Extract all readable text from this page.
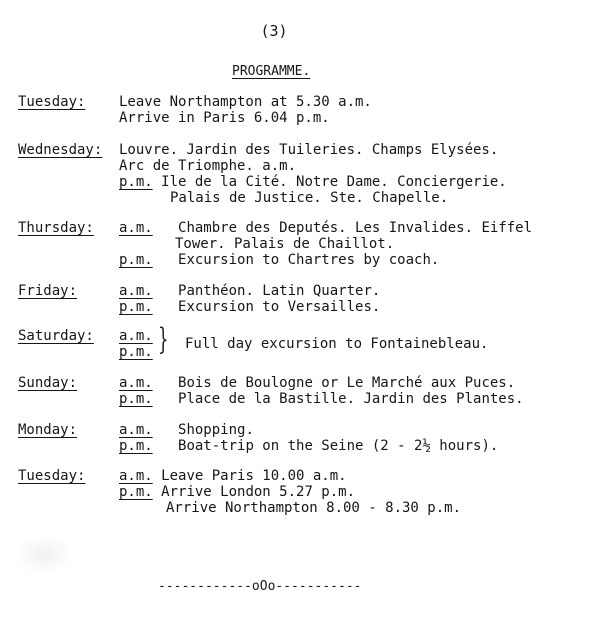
(3)
PROGRAMME.
Tuesday: Leave Northampton at 5.30 a.m.
Arrive in Paris 6.04 p.m.
Wednesday: Louvre. Jardin des Tuileries. Champs Elysées.
Arc de Triomphe. a.m.
p.m. Ile de la Cité. Notre Dame. Conciergerie.
Palais de Justice. Ste. Chapelle.
Thursday: a.m. Chambre des Deputés. Les Invalides. Eiffel
Tower. Palais de Chaillot.
p.m. Excursion to Chartres by coach.
Friday:	a.m. Panthéon. Latin Quarter.
p.m. Excursion to Versailles.
Saturday: a.m.
p.m. } Full day excursion to Fontainebleau.
Sunday:	a.m. Bois de Boulogne or Le Marché aux Puces.
p.m. Place de la Bastille. Jardin des Plantes.
Monday:	a.m. Shopping.
p.m. Boat-trip on the Seine (2 - 2½ hours).
Tuesday: a.m. Leave Paris 10.00 a.m.
p.m. Arrive London 5.27 p.m.
Arrive Northampton 8.00 - 8.30 p.m.
------------oOo-----------
